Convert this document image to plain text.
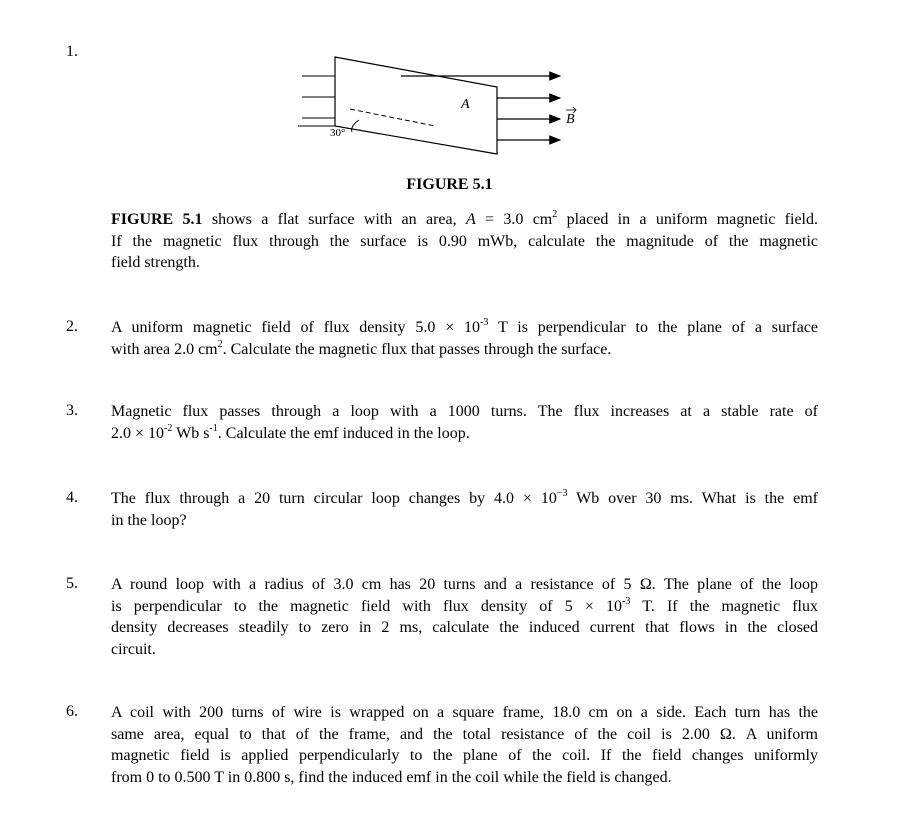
1.
A
B
30°
FIGURE 5.1
FIGURE 5.1 shows a flat surface with an area, A = 3.0 $cm^2$ placed in a uniform magnetic field.
If the magnetic flux through the surface is 0.90 mWb, calculate the magnitude of the magnetic
field strength.
2. A uniform magnetic field of flux density $5.0 \times 10^{-3}$ T is perpendicular to the plane of a surface
with area 2.0 $cm^2$. Calculate the magnetic flux that passes through the surface.
3. Magnetic flux passes through a loop with a 1000 turns. The flux increases at a stable rate of
$2.0 \times 10^{-2}$ Wb $s^{-1}$. Calculate the emf induced in the loop.
4. The flux through a 20 turn circular loop changes by $4.0 \times 10^{-3}$ Wb over 30 ms. What is the emf
in the loop?
5. A round loop with a radius of 3.0 cm has 20 turns and a resistance of 5 Ω. The plane of the loop
is perpendicular to the magnetic field with flux density of $5 \times 10^{-3}$ T. If the magnetic flux
density decreases steadily to zero in 2 ms, calculate the induced current that flows in the closed
circuit.
6. A coil with 200 turns of wire is wrapped on a square frame, 18.0 cm on a side. Each turn has the
same area, equal to that of the frame, and the total resistance of the coil is 2.00 Ω. A uniform
magnetic field is applied perpendicularly to the plane of the coil. If the field changes uniformly
from 0 to 0.500 T in 0.800 s, find the induced emf in the coil while the field is changed.
